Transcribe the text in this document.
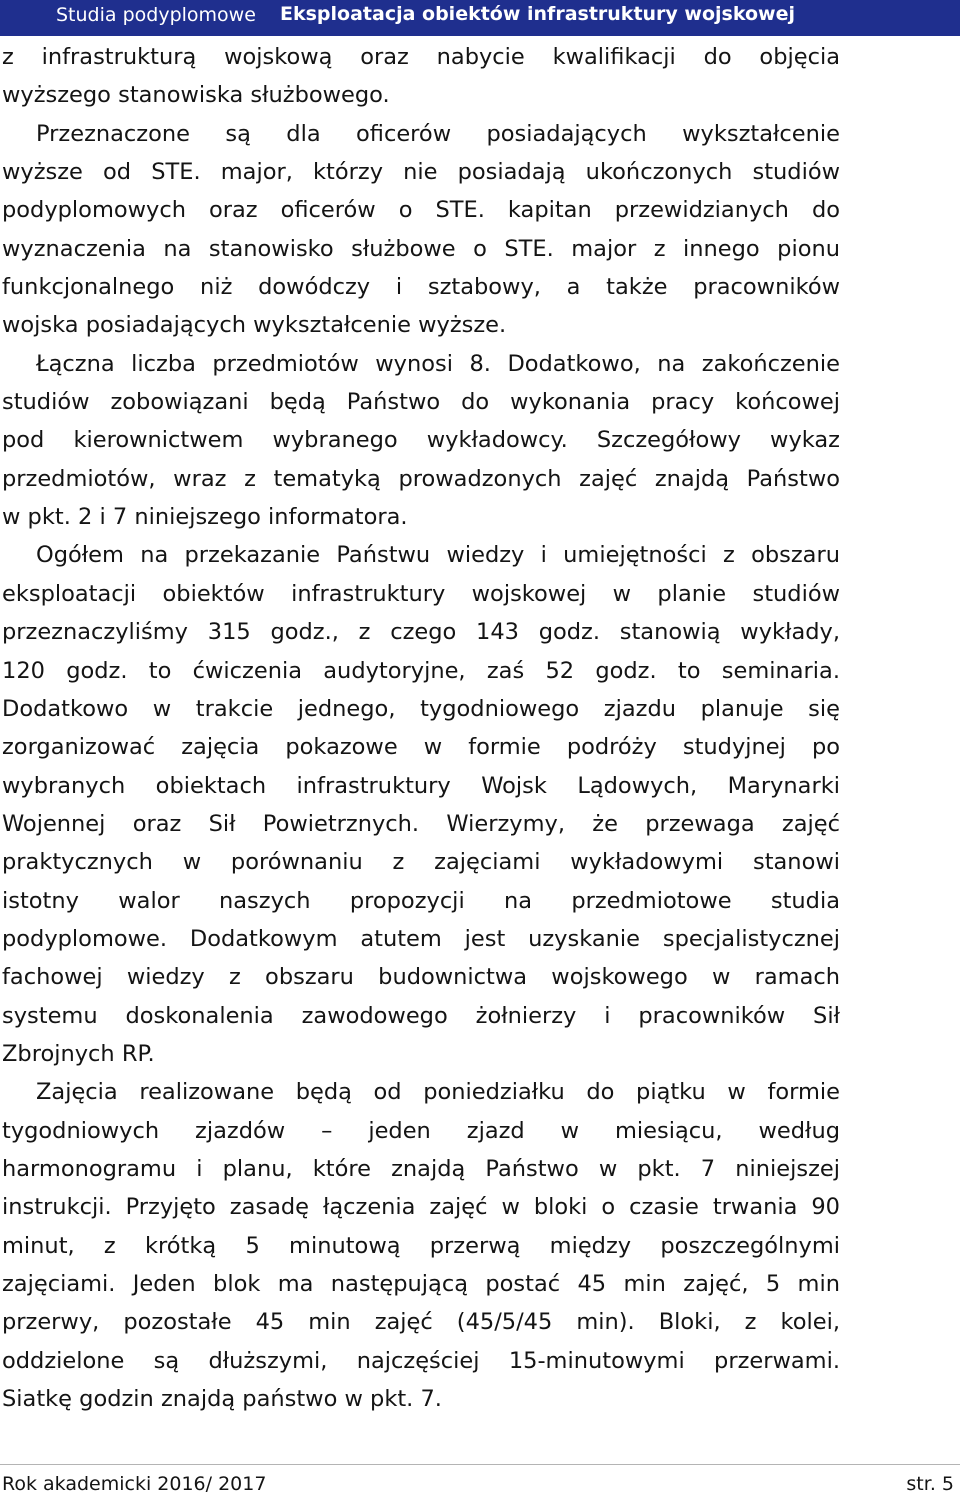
Studia podyplomowe Eksploatacja obiektów infrastruktury wojskowej
z infrastrukturą wojskową oraz nabycie kwalifikacji do objęcia
wyższego stanowiska służbowego.
Przeznaczone są dla oficerów posiadających wykształcenie
wyższe od STE. major, którzy nie posiadają ukończonych studiów
podyplomowych oraz oficerów o STE. kapitan przewidzianych do
wyznaczenia na stanowisko służbowe o STE. major z innego pionu
funkcjonalnego niż dowódczy i sztabowy, a także pracowników
wojska posiadających wykształcenie wyższe.
Łączna liczba przedmiotów wynosi 8. Dodatkowo, na zakończenie
studiów zobowiązani będą Państwo do wykonania pracy końcowej
pod kierownictwem wybranego wykładowcy. Szczegółowy wykaz
przedmiotów, wraz z tematyką prowadzonych zajęć znajdą Państwo
w pkt. 2 i 7 niniejszego informatora.
Ogółem na przekazanie Państwu wiedzy i umiejętności z obszaru
eksploatacji obiektów infrastruktury wojskowej w planie studiów
przeznaczyliśmy 315 godz., z czego 143 godz. stanowią wykłady,
120 godz. to ćwiczenia audytoryjne, zaś 52 godz. to seminaria.
Dodatkowo w trakcie jednego, tygodniowego zjazdu planuje się
zorganizować zajęcia pokazowe w formie podróży studyjnej po
wybranych obiektach infrastruktury Wojsk Lądowych, Marynarki
Wojennej oraz Sił Powietrznych. Wierzymy, że przewaga zajęć
praktycznych w porównaniu z zajęciami wykładowymi stanowi
istotny walor naszych propozycji na przedmiotowe studia
podyplomowe. Dodatkowym atutem jest uzyskanie specjalistycznej
fachowej wiedzy z obszaru budownictwa wojskowego w ramach
systemu doskonalenia zawodowego żołnierzy i pracowników Sił
Zbrojnych RP.
Zajęcia realizowane będą od poniedziałku do piątku w formie
tygodniowych zjazdów – jeden zjazd w miesiącu, według
harmonogramu i planu, które znajdą Państwo w pkt. 7 niniejszej
instrukcji. Przyjęto zasadę łączenia zajęć w bloki o czasie trwania 90
minut, z krótką 5 minutową przerwą między poszczególnymi
zajęciami. Jeden blok ma następującą postać 45 min zajęć, 5 min
przerwy, pozostałe 45 min zajęć (45/5/45 min). Bloki, z kolei,
oddzielone są dłuższymi, najczęściej 15-minutowymi przerwami.
Siatkę godzin znajdą państwo w pkt. 7.
Rok akademicki 2016/ 2017	str. 5
